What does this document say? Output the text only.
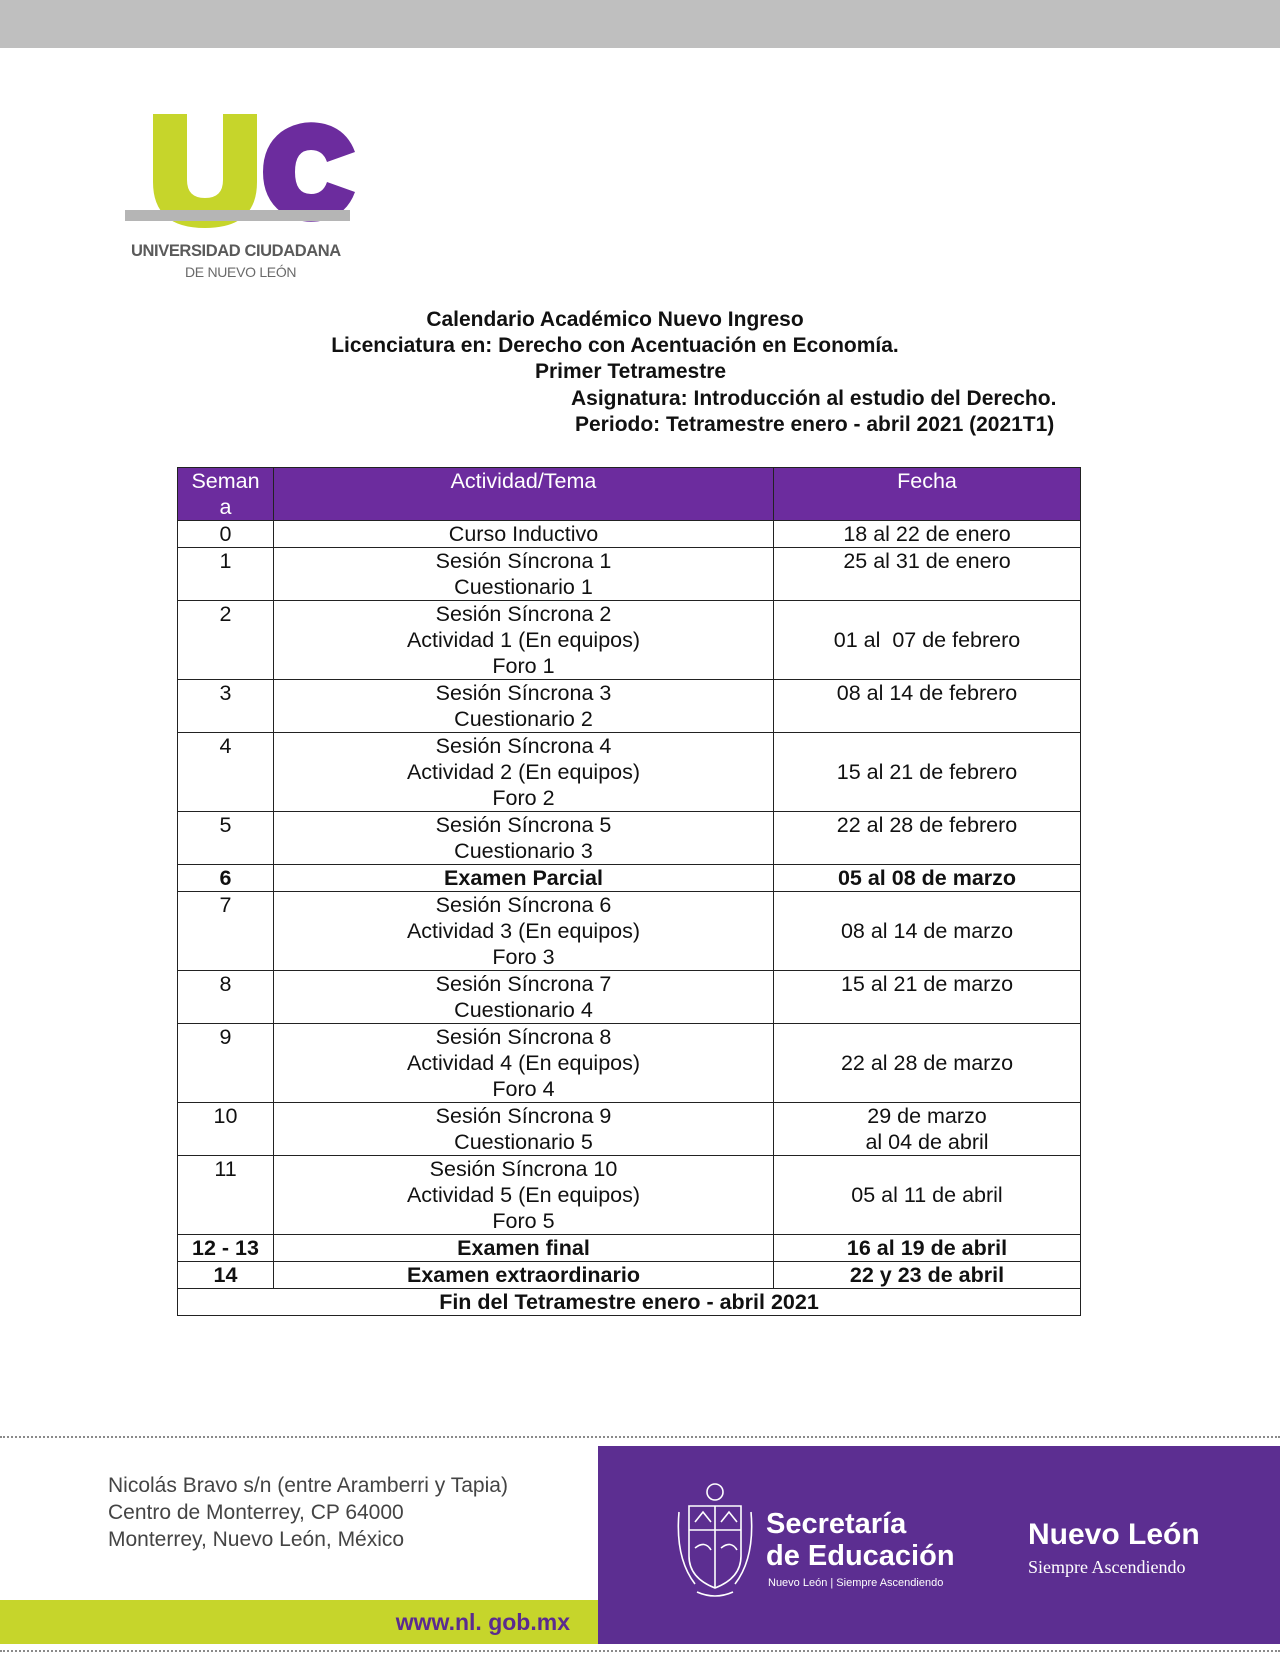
UNIVERSIDAD CIUDADANA
DE NUEVO LEÓN
Calendario Académico Nuevo Ingreso
Licenciatura en: Derecho con Acentuación en Economía.
Primer Tetramestre
Asignatura: Introducción al estudio del Derecho.
Periodo: Tetramestre enero - abril 2021 (2021T1)
Seman
a	Actividad/Tema	Fecha
0	Curso Inductivo	18 al 22 de enero

1	Sesión Síncrona 1
Cuestionario 1	25 al 31 de enero

2	Sesión Síncrona 2
Actividad 1 (En equipos)
Foro 1	01 al  07 de febrero

3	Sesión Síncrona 3
Cuestionario 2	08 al 14 de febrero

4	Sesión Síncrona 4
Actividad 2 (En equipos)
Foro 2	15 al 21 de febrero

5	Sesión Síncrona 5
Cuestionario 3	22 al 28 de febrero

6	Examen Parcial	05 al 08 de marzo

7	Sesión Síncrona 6
Actividad 3 (En equipos)
Foro 3	08 al 14 de marzo

8	Sesión Síncrona 7
Cuestionario 4	15 al 21 de marzo

9	Sesión Síncrona 8
Actividad 4 (En equipos)
Foro 4	22 al 28 de marzo

10	Sesión Síncrona 9
Cuestionario 5	29 de marzo
al 04 de abril

11	Sesión Síncrona 10
Actividad 5 (En equipos)
Foro 5	05 al 11 de abril

12 - 13	Examen final	16 al 19 de abril

14	Examen extraordinario	22 y 23 de abril

Fin del Tetramestre enero - abril 2021		
Nicolás Bravo s/n (entre Aramberri y Tapia)
Centro de Monterrey, CP 64000
Monterrey, Nuevo León, México
www.nl. gob.mx
Secretaría
de Educación
Nuevo León | Siempre Ascendiendo
Nuevo León
Siempre Ascendiendo
